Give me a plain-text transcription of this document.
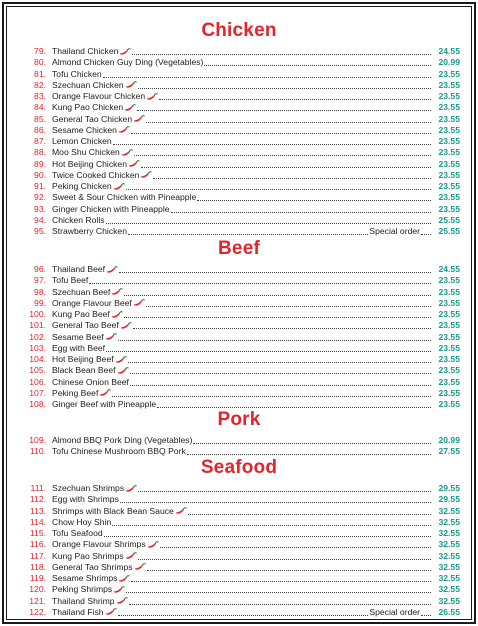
Chicken
79. Thailand Chicken	24.55
80. Almond Chicken Guy Ding (Vegetables)	20.99
81. Tofu Chicken	23.55
82. Szechuan Chicken	23.55
83. Orange Flavour Chicken	23.55
84. Kung Pao Chicken	23.55
85. General Tao Chicken	23.55
86. Sesame Chicken	23.55
87. Lemon Chicken	23.55
88. Moo Shu Chicken	23.55
89. Hot Beijing Chicken	23.55
90. Twice Cooked Chicken	23.55
91. Peking Chicken	23.55
92. Sweet & Sour Chicken with Pineapple	23.55
93. Ginger Chicken with Pineapple	23.55
94. Chicken Rolls	25.55
95. Strawberry Chicken	Special order	25.55
Beef
96. Thailand Beef	24.55
97. Tofu Beef	23.55
98. Szechuan Beef	23.55
99. Orange Flavour Beef	23.55
100. Kung Pao Beef	23.55
101. General Tao Beef	23.55
102. Sesame Beef	23.55
103. Egg with Beef	23.55
104. Hot Beijing Beef	23.55
105. Black Bean Beef	23.55
106. Chinese Onion Beef	23.55
107. Peking Beef	23.55
108. Ginger Beef with Pineapple	23.55
Pork
109. Almond BBQ Pork Ding (Vegetables)	20.99
110. Tofu Chinese Mushroom BBQ Pork	27.55
Seafood
111. Szechuan Shrimps	29.55
112. Egg with Shrimps	29.55
113. Shrimps with Black Bean Sauce	32.55
114. Chow Hoy Shin	32.55
115. Tofu Seafood	32.55
116. Orange Flavour Shrimps	32.55
117. Kung Pao Shrimps	32.55
118. General Tao Shrimps	32.55
119. Sesame Shrimps	32.55
120. Peking Shrimps	32.55
121. Thailand Shrimp	32.55
122. Thailand Fish	Special order	26.55
